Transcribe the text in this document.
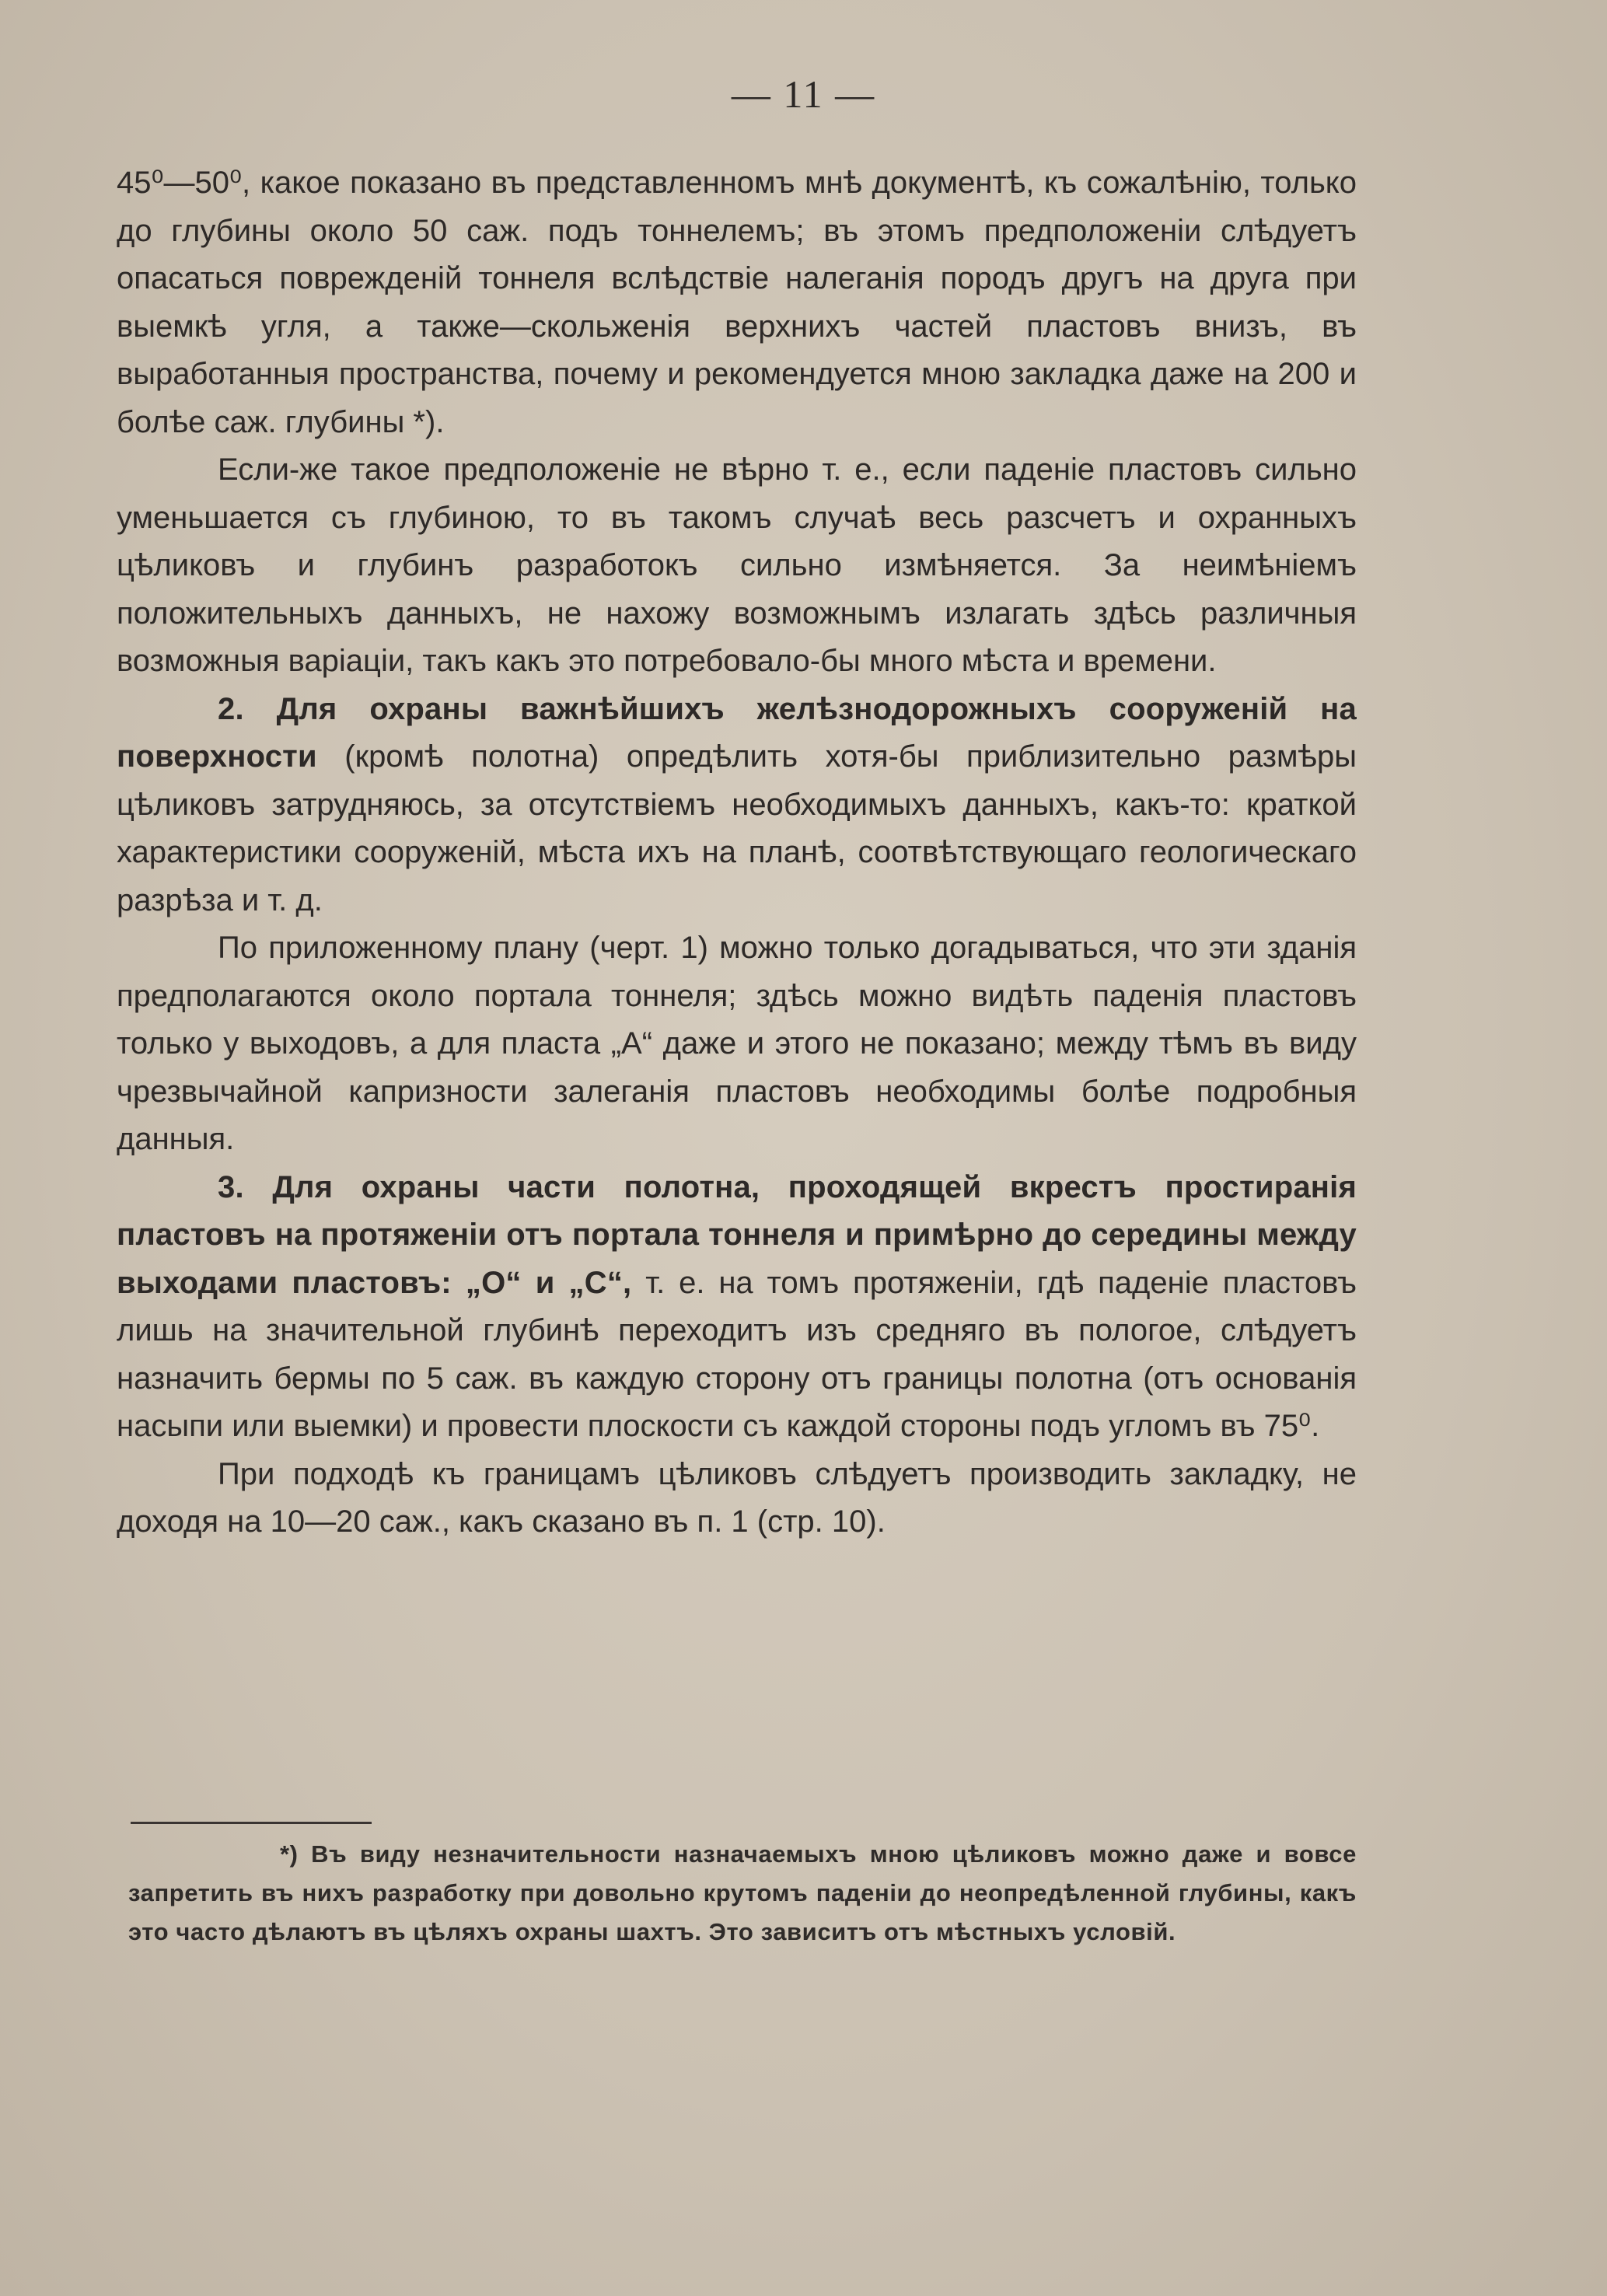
— 11 —

45⁰—50⁰, какое показано въ представленномъ мнѣ документѣ, къ сожалѣнію, только до глубины около 50 саж. подъ тоннелемъ; въ этомъ предположеніи слѣдуетъ опасаться поврежденій тоннеля вслѣдствіе налеганія породъ другъ на друга при выемкѣ угля, а также—скольженія верхнихъ частей пластовъ внизъ, въ выработанныя пространства, почему и рекомендуется мною закладка даже на 200 и болѣе саж. глубины *).

Если-же такое предположеніе не вѣрно т. е., если паденіе пластовъ сильно уменьшается съ глубиною, то въ такомъ случаѣ весь разсчетъ и охранныхъ цѣликовъ и глубинъ разработокъ сильно измѣняется. За неимѣніемъ положительныхъ данныхъ, не нахожу возможнымъ излагать здѣсь различныя возможныя варіаціи, такъ какъ это потребовало-бы много мѣста и времени.

2. Для охраны важнѣйшихъ желѣзнодорожныхъ сооруженій на поверхности (кромѣ полотна) опредѣлить хотя-бы приблизительно размѣры цѣликовъ затрудняюсь, за отсутствіемъ необходимыхъ данныхъ, какъ-то: краткой характеристики сооруженій, мѣста ихъ на планѣ, соотвѣтствующаго геологическаго разрѣза и т. д.

По приложенному плану (черт. 1) можно только догадываться, что эти зданія предполагаются около портала тоннеля; здѣсь можно видѣть паденія пластовъ только у выходовъ, а для пласта „А“ даже и этого не показано; между тѣмъ въ виду чрезвычайной капризности залеганія пластовъ необходимы болѣе подробныя данныя.

3. Для охраны части полотна, проходящей вкрестъ простиранія пластовъ на протяженіи отъ портала тоннеля и примѣрно до середины между выходами пластовъ: „О“ и „С“, т. е. на томъ протяженіи, гдѣ паденіе пластовъ лишь на значительной глубинѣ переходитъ изъ средняго въ пологое, слѣдуетъ назначить бермы по 5 саж. въ каждую сторону отъ границы полотна (отъ основанія насыпи или выемки) и провести плоскости съ каждой стороны подъ угломъ въ 75⁰.

При подходѣ къ границамъ цѣликовъ слѣдуетъ производить закладку, не доходя на 10—20 саж., какъ сказано въ п. 1 (стр. 10).

*) Въ виду незначительности назначаемыхъ мною цѣликовъ можно даже и вовсе запретить въ нихъ разработку при довольно крутомъ паденіи до неопредѣленной глубины, какъ это часто дѣлаютъ въ цѣляхъ охраны шахтъ. Это зависитъ отъ мѣстныхъ условій.
